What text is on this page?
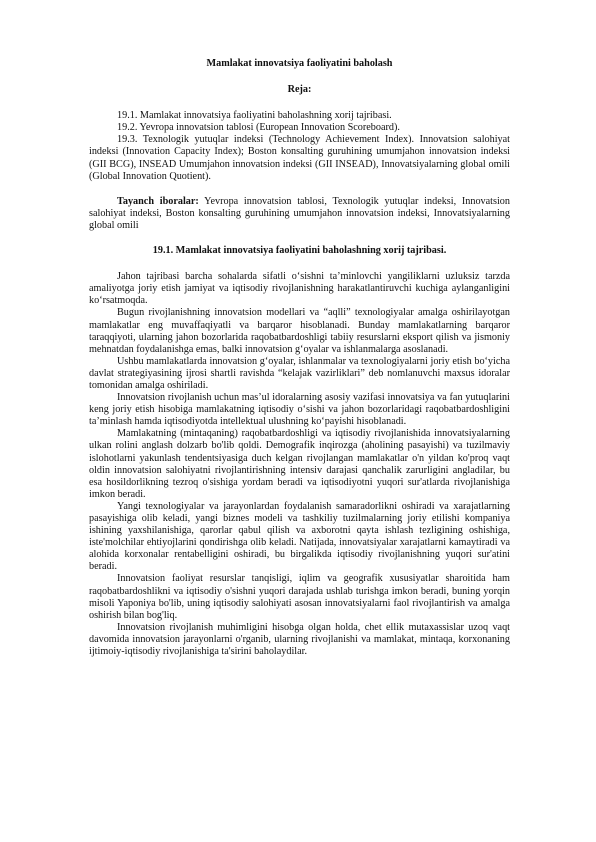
Mamlakat innovatsiya faoliyatini baholash
Reja:

19.1. Mamlakat innovatsiya faoliyatini baholashning xorij tajribasi.

19.2. Yevropa innovatsion tablosi (European Innovation Scoreboard).

19.3. Texnologik yutuqlar indeksi (Technology Achievement Index). Innovatsion salohiyat indeksi (Innovation Capacity Index); Boston konsalting guruhining umumjahon innovatsion indeksi (GII BCG), INSEAD Umumjahon innovatsion indeksi (GII INSEAD), Innovatsiyalarning global omili (Global Innovation Quotient).

Tayanch iboralar: Yevropa innovatsion tablosi, Texnologik yutuqlar indeksi, Innovatsion salohiyat indeksi, Boston konsalting guruhining umumjahon innovatsion indeksi, Innovatsiyalarning global omili

19.1. Mamlakat innovatsiya faoliyatini baholashning xorij tajribasi.

Jahon tajribasi barcha sohalarda sifatli o‘sishni ta’minlovchi yangiliklarni uzluksiz tarzda amaliyotga joriy etish jamiyat va iqtisodiy rivojlanishning harakatlantiruvchi kuchiga aylanganligini ko‘rsatmoqda.

Bugun rivojlanishning innovatsion modellari va “aqlli” texnologiyalar amalga oshirilayotgan mamlakatlar eng muvaffaqiyatli va barqaror hisoblanadi. Bunday mamlakatlarning barqaror taraqqiyoti, ularning jahon bozorlarida raqobatbardoshligi tabiiy resurslarni eksport qilish va jismoniy mehnatdan foydalanishga emas, balki innovatsion g‘oyalar va ishlanmalarga asoslanadi.

Ushbu mamlakatlarda innovatsion g‘oyalar, ishlanmalar va texnologiyalarni joriy etish bo‘yicha davlat strategiyasining ijrosi shartli ravishda “kelajak vazirliklari” deb nomlanuvchi maxsus idoralar tomonidan amalga oshiriladi.

Innovatsion rivojlanish uchun mas’ul idoralarning asosiy vazifasi innovatsiya va fan yutuqlarini keng joriy etish hisobiga mamlakatning iqtisodiy o‘sishi va jahon bozorlaridagi raqobatbardoshligini ta’minlash hamda iqtisodiyotda intellektual ulushning ko‘payishi hisoblanadi.

Mamlakatning (mintaqaning) raqobatbardoshligi va iqtisodiy rivojlanishida innovatsiyalarning ulkan rolini anglash dolzarb bo'lib qoldi. Demografik inqirozga (aholining pasayishi) va tuzilmaviy islohotlarni yakunlash tendentsiyasiga duch kelgan rivojlangan mamlakatlar o'n yildan ko'proq vaqt oldin innovatsion salohiyatni rivojlantirishning intensiv darajasi qanchalik zarurligini angladilar, bu esa hosildorlikning tezroq o'sishiga yordam beradi va iqtisodiyotni yuqori sur'atlarda rivojlanishiga imkon beradi.

Yangi texnologiyalar va jarayonlardan foydalanish samaradorlikni oshiradi va xarajatlarning pasayishiga olib keladi, yangi biznes modeli va tashkiliy tuzilmalarning joriy etilishi kompaniya ishining yaxshilanishiga, qarorlar qabul qilish va axborotni qayta ishlash tezligining oshishiga, iste'molchilar ehtiyojlarini qondirishga olib keladi. Natijada, innovatsiyalar xarajatlarni kamaytiradi va alohida korxonalar rentabelligini oshiradi, bu birgalikda iqtisodiy rivojlanishning yuqori sur'atini beradi.

Innovatsion faoliyat resurslar tanqisligi, iqlim va geografik xususiyatlar sharoitida ham raqobatbardoshlikni va iqtisodiy o'sishni yuqori darajada ushlab turishga imkon beradi, buning yorqin misoli Yaponiya bo'lib, uning iqtisodiy salohiyati asosan innovatsiyalarni faol rivojlantirish va amalga oshirish bilan bog'liq.

Innovatsion rivojlanish muhimligini hisobga olgan holda, chet ellik mutaxassislar uzoq vaqt davomida innovatsion jarayonlarni o'rganib, ularning rivojlanishi va mamlakat, mintaqa, korxonaning ijtimoiy-iqtisodiy rivojlanishiga ta'sirini baholaydilar.
